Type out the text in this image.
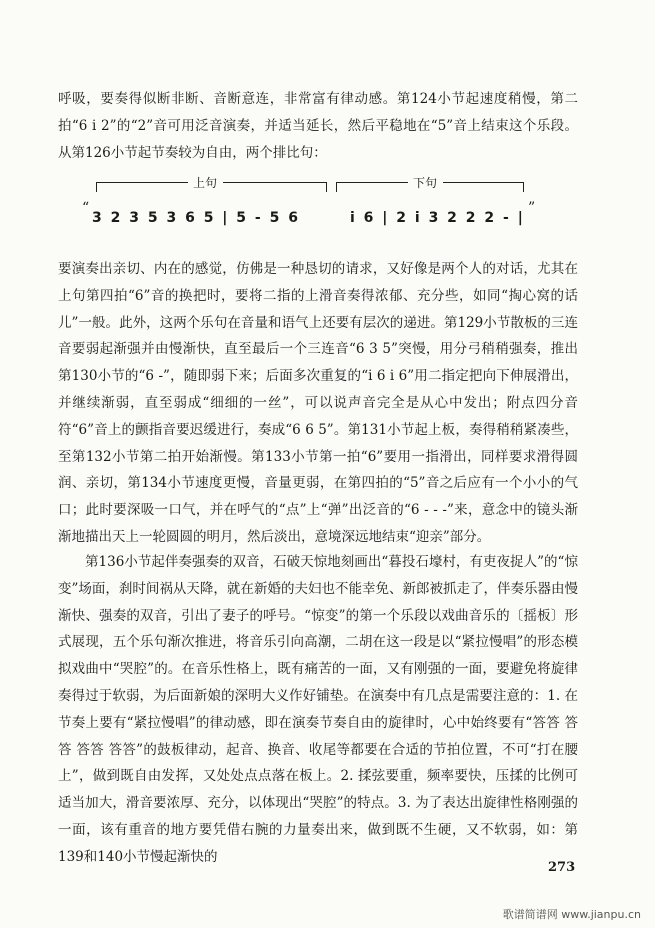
呼吸，要奏得似断非断、音断意连，非常富有律动感。第124小节起速度稍慢，第二拍“6 i 2”的“2”音可用泛音演奏，并适当延长，然后平稳地在“5”音上结束这个乐段。从第126小节起节奏较为自由，两个排比句：

上句	下句
“
3 2 3 5 3 6 5 | 5 - 5 6	i 6 | 2 i 3 2 2 2 - |
”

要演奏出亲切、内在的感觉，仿佛是一种恳切的请求，又好像是两个人的对话，尤其在上句第四拍“6”音的换把时，要将二指的上滑音奏得浓郁、充分些，如同“掏心窝的话儿”一般。此外，这两个乐句在音量和语气上还要有层次的递进。第129小节散板的三连音要弱起渐强并由慢渐快，直至最后一个三连音“6 3 5”突慢，用分弓稍稍强奏，推出第130小节的“6 -”，随即弱下来；后面多次重复的“i 6 i 6”用二指定把向下伸展滑出，并继续渐弱，直至弱成“细细的一丝”，可以说声音完全是从心中发出；附点四分音符“6”音上的颤指音要迟缓进行，奏成“6 6 5”。第131小节起上板，奏得稍稍紧凑些，至第132小节第二拍开始渐慢。第133小节第一拍“6”要用一指滑出，同样要求滑得圆润、亲切，第134小节速度更慢，音量更弱，在第四拍的“5”音之后应有一个小小的气口；此时要深吸一口气，并在呼气的“点”上“弹”出泛音的“6 - - -”来，意念中的镜头渐渐地描出天上一轮圆圆的明月，然后淡出，意境深远地结束“迎亲”部分。

第136小节起伴奏强奏的双音，石破天惊地刻画出“暮投石壕村，有吏夜捉人”的“惊变”场面，刹时间祸从天降，就在新婚的夫妇也不能幸免、新郎被抓走了，伴奏乐器由慢渐快、强奏的双音，引出了妻子的呼号。“惊变”的第一个乐段以戏曲音乐的〔摇板〕形式展现，五个乐句渐次推进，将音乐引向高潮，二胡在这一段是以“紧拉慢唱”的形态模拟戏曲中“哭腔”的。在音乐性格上，既有痛苦的一面，又有刚强的一面，要避免将旋律奏得过于软弱，为后面新娘的深明大义作好铺垫。在演奏中有几点是需要注意的：1. 在节奏上要有“紧拉慢唱”的律动感，即在演奏节奏自由的旋律时，心中始终要有“答答 答答 答答 答答”的鼓板律动，起音、换音、收尾等都要在合适的节拍位置，不可“打在腰上”，做到既自由发挥，又处处点点落在板上。2. 揉弦要重，频率要快，压揉的比例可适当加大，滑音要浓厚、充分，以体现出“哭腔”的特点。3. 为了表达出旋律性格刚强的一面，该有重音的地方要凭借右腕的力量奏出来，做到既不生硬，又不软弱，如：第139和140小节慢起渐快的

273
歌谱简谱网 www.jianpu.cn
